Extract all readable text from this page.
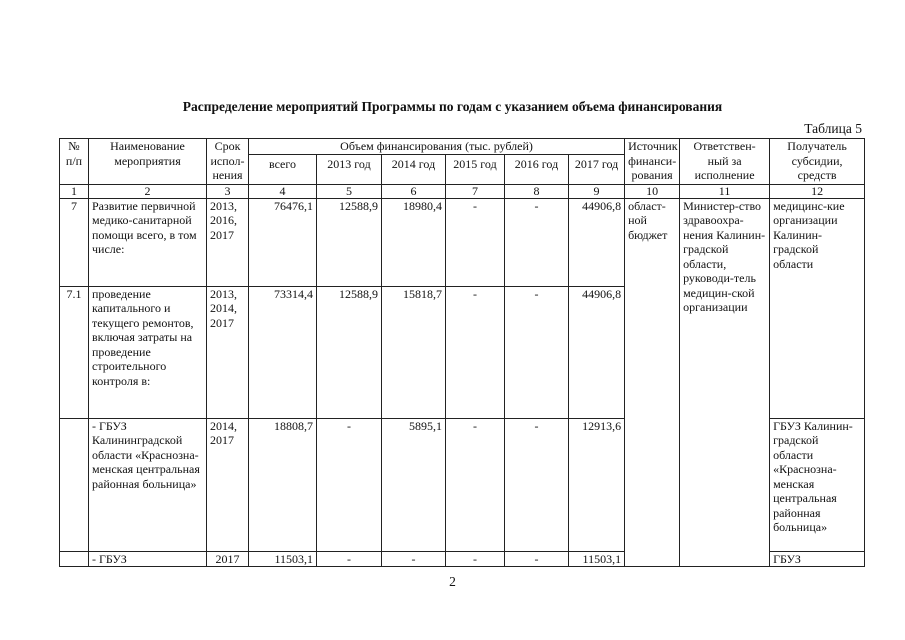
Распределение мероприятий Программы по годам с указанием объема финансирования
Таблица 5
№ п/п	Наименование мероприятия	Срок испол-нения	Объем финансирования (тыс. рублей)						Источник финанси-рования	Ответствен-ный за исполнение	Получатель субсидии, средств
			всего	2013 год	2014 год	2015 год	2016 год	2017 год			
1	2	3	4	5	6	7	8	9	10	11	12
7	Развитие первичной медико-санитарной помощи всего, в том числе:	2013, 2016, 2017	76476,1	12588,9	18980,4	-	-	44906,8	област-ной бюджет	Министер-ство здравоохра-нения Калинин-градской области, руководи-тель медицин-ской организации	медицинс-кие организации Калинин-градской области
7.1	проведение капитального и текущего ремонтов, включая затраты на проведение строительного контроля в:	2013, 2014, 2017	73314,4	12588,9	15818,7	-	-	44906,8			
	- ГБУЗ Калининградской области «Краснозна-менская центральная районная больница»	2014, 2017	18808,7	-	5895,1	-	-	12913,6			ГБУЗ Калинин-градской области «Краснозна-менская центральная районная больница»
	- ГБУЗ	2017	11503,1	-	-	-	-	11503,1			ГБУЗ
2
